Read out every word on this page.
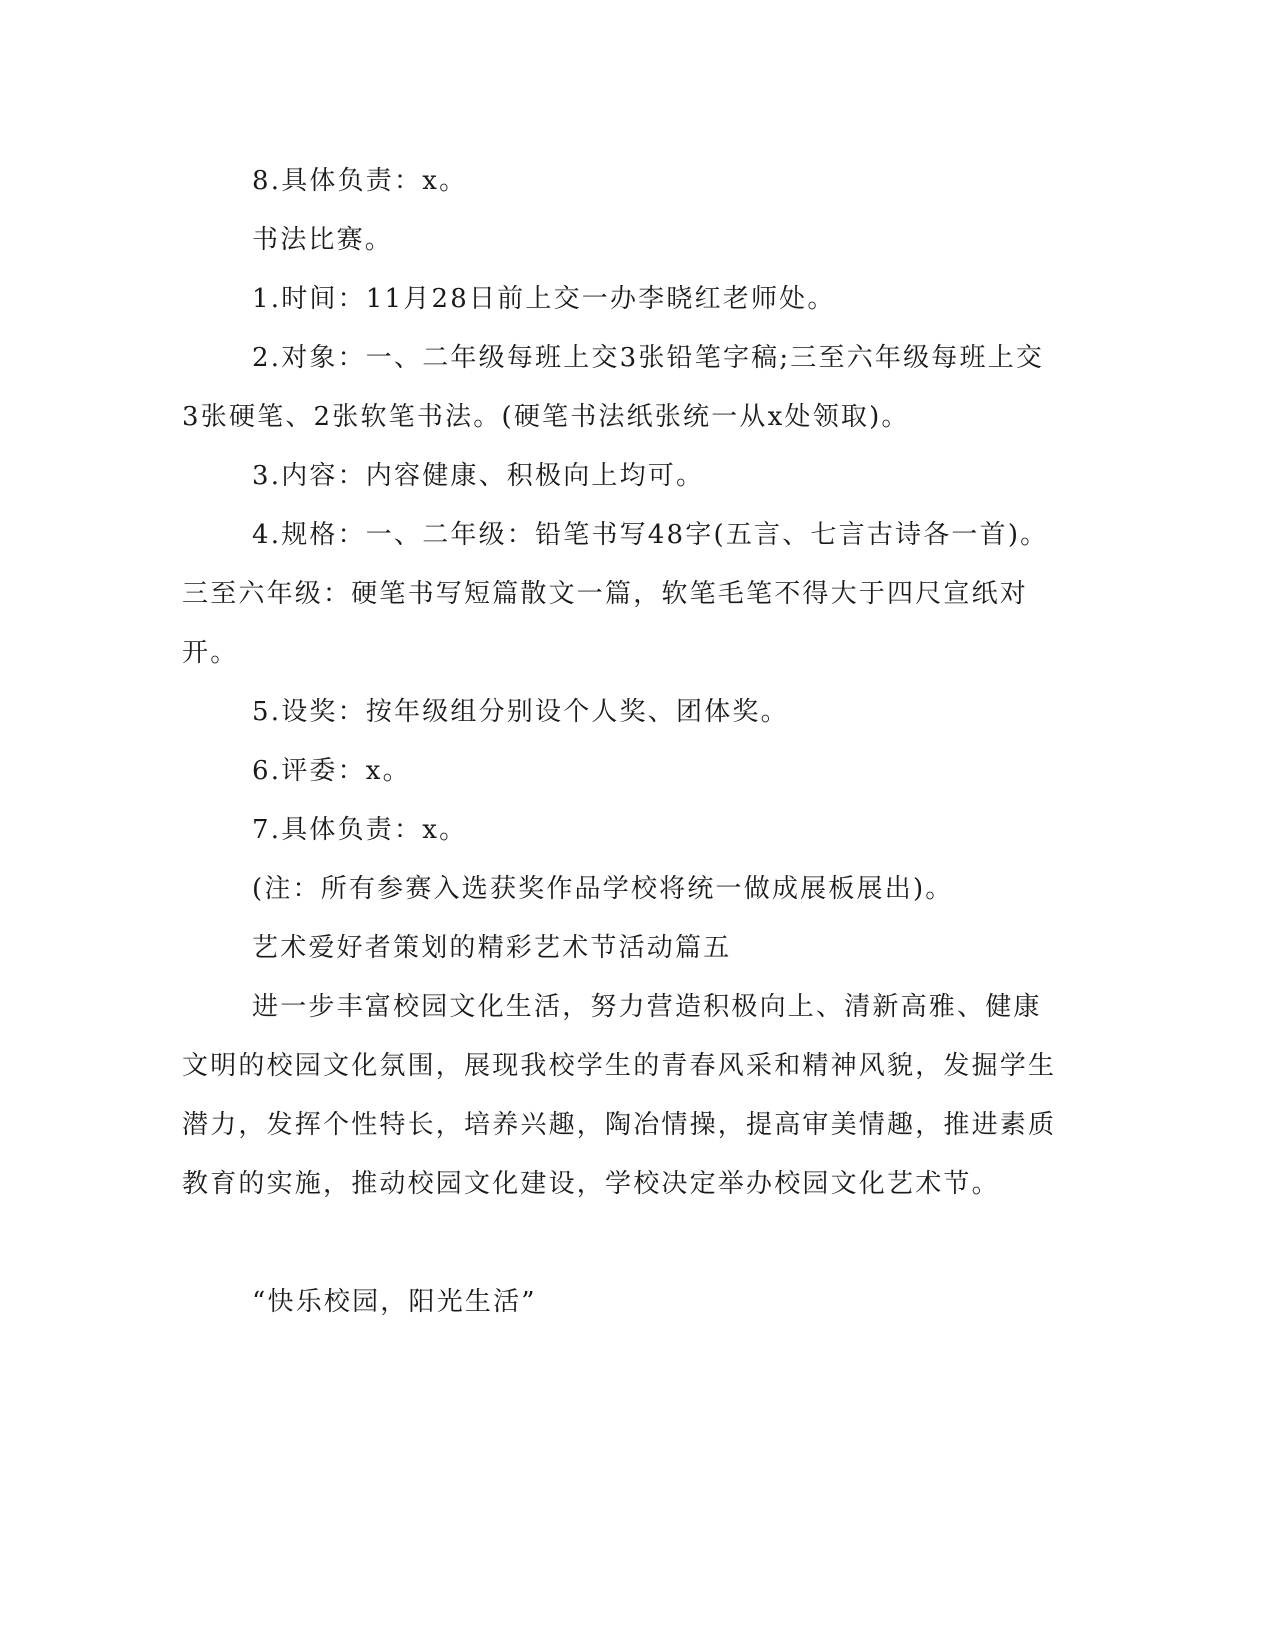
8.具体负责：x。

书法比赛。

1.时间：11月28日前上交一办李晓红老师处。

2.对象：一、二年级每班上交3张铅笔字稿;三至六年级每班上交3张硬笔、2张软笔书法。(硬笔书法纸张统一从x处领取)。

3.内容：内容健康、积极向上均可。

4.规格：一、二年级：铅笔书写48字(五言、七言古诗各一首)。三至六年级：硬笔书写短篇散文一篇，软笔毛笔不得大于四尺宣纸对开。

5.设奖：按年级组分别设个人奖、团体奖。

6.评委：x。

7.具体负责：x。

(注：所有参赛入选获奖作品学校将统一做成展板展出)。

艺术爱好者策划的精彩艺术节活动篇五

进一步丰富校园文化生活，努力营造积极向上、清新高雅、健康文明的校园文化氛围，展现我校学生的青春风采和精神风貌，发掘学生潜力，发挥个性特长，培养兴趣，陶冶情操，提高审美情趣，推进素质教育的实施，推动校园文化建设，学校决定举办校园文化艺术节。

“快乐校园，阳光生活”
